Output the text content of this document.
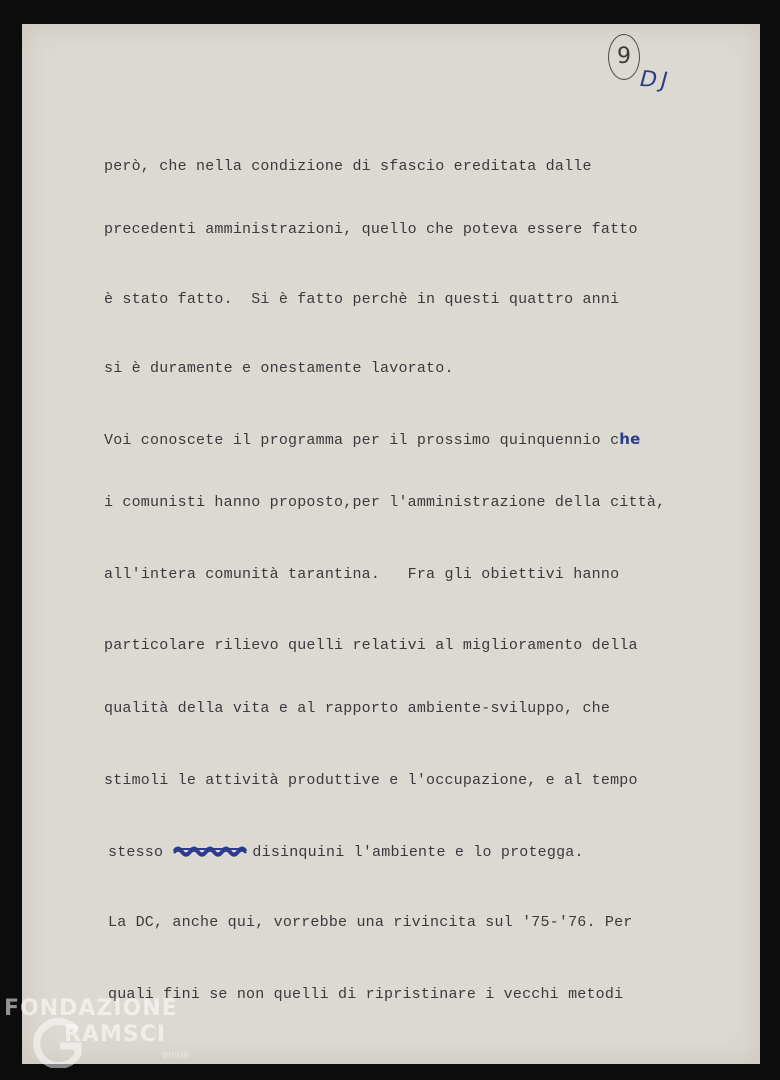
9
DJ
però, che nella condizione di sfascio ereditata dalle
precedenti amministrazioni, quello che poteva essere fatto
è stato fatto.  Si è fatto perchè in questi quattro anni
si è duramente e onestamente lavorato.
Voi conoscete il programma per il prossimo quinquennio che
i comunisti hanno proposto,per l'amministrazione della città,
all'intera comunità tarantina.   Fra gli obiettivi hanno
particolare rilievo quelli relativi al miglioramento della
qualità della vita e al rapporto ambiente-sviluppo, che
stimoli le attività produttive e l'occupazione, e al tempo
stesso	disinquini l'ambiente e lo protegga.
La DC, anche qui, vorrebbe una rivincita sul '75-'76. Per
quali fini se non quelli di ripristinare i vecchi metodi
FONDAZIONE
RAMSCI
onlus
